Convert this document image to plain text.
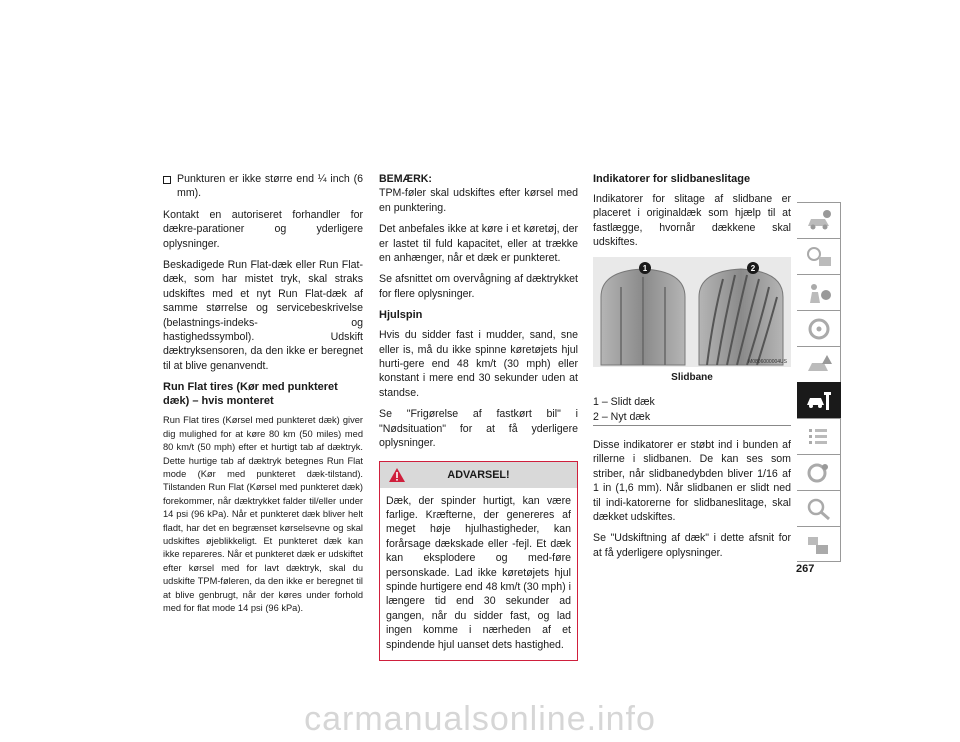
Punkturen er ikke større end ¼ inch (6 mm).

Kontakt en autoriseret forhandler for dækre-parationer og yderligere oplysninger.

Beskadigede Run Flat-dæk eller Run Flat-dæk, som har mistet tryk, skal straks udskiftes med et nyt Run Flat-dæk af samme størrelse og servicebeskrivelse (belastnings-indeks- og hastighedssymbol). Udskift dæktryksensoren, da den ikke er beregnet til at blive genanvendt.

Run Flat tires (Kør med punkteret dæk) – hvis monteret
Run Flat tires (Kørsel med punkteret dæk) giver dig mulighed for at køre 80 km (50 miles) med 80 km/t (50 mph) efter et hurtigt tab af dæktryk. Dette hurtige tab af dæktryk betegnes Run Flat mode (Kør med punkteret dæk-tilstand). Tilstanden Run Flat (Kørsel med punkteret dæk) forekommer, når dæktrykket falder til/eller under 14 psi (96 kPa). Når et punkteret dæk bliver helt fladt, har det en begrænset kørselsevne og skal udskiftes øjeblikkeligt. Et punkteret dæk kan ikke repareres. Når et punkteret dæk er udskiftet efter kørsel med for lavt dæktryk, skal du udskifte TPM-føleren, da den ikke er beregnet til at blive genbrugt, når der køres under forhold med for flat mode 14 psi (96 kPa).
BEMÆRK:

TPM-føler skal udskiftes efter kørsel med en punktering.

Det anbefales ikke at køre i et køretøj, der er lastet til fuld kapacitet, eller at trække en anhænger, når et dæk er punkteret.

Se afsnittet om overvågning af dæktrykket for flere oplysninger.

Hjulspin

Hvis du sidder fast i mudder, sand, sne eller is, må du ikke spinne køretøjets hjul hurti-gere end 48 km/t (30 mph) eller konstant i mere end 30 sekunder uden at standse.

Se "Frigørelse af fastkørt bil" i "Nødsituation" for at få yderligere oplysninger.

ADVARSEL!
Dæk, der spinder hurtigt, kan være farlige. Kræfterne, der genereres af meget høje hjulhastigheder, kan forårsage dækskade eller -fejl. Et dæk kan eksplodere og med-føre personskade. Lad ikke køretøjets hjul spinde hurtigere end 48 km/t (30 mph) i længere tid end 30 sekunder ad gangen, når du sidder fast, og lad ingen komme i nærheden af et spindende hjul uanset dets hastighed.
Indikatorer for slidbaneslitage

Indikatorer for slitage af slidbane er placeret i originaldæk som hjælp til at fastlægge, hvornår dækkene skal udskiftes.

1	2
M0806000004US
Slidbane
1 – Slidt dæk
2 – Nyt dæk

Disse indikatorer er støbt ind i bunden af rillerne i slidbanen. De kan ses som striber, når slidbanedybden bliver 1/16 af 1 in (1,6 mm). Når slidbanen er slidt ned til indi-katorerne for slidbaneslitage, skal dækket udskiftes.

Se "Udskiftning af dæk" i dette afsnit for at få yderligere oplysninger.

267
carmanualsonline.info
